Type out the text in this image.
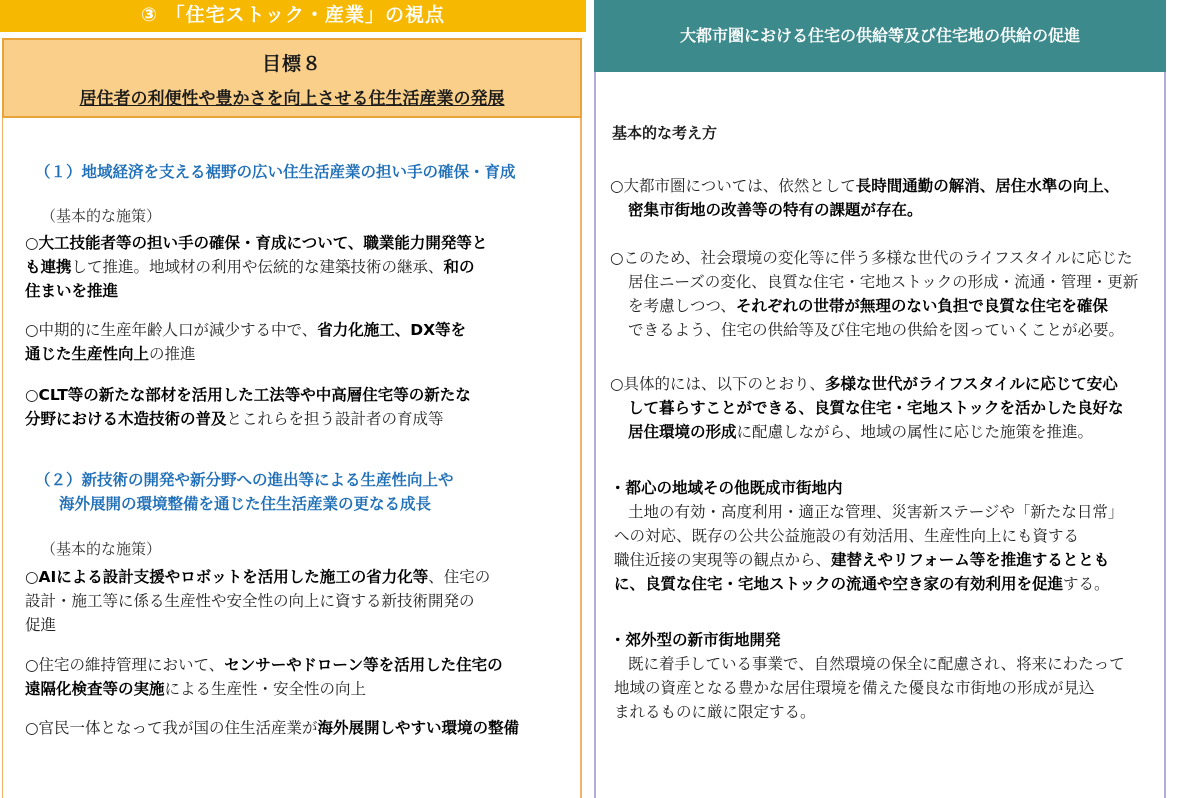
③ 「住宅ストック・産業」の視点
目標８
居住者の利便性や豊かさを向上させる住生活産業の発展
（１）地域経済を支える裾野の広い住生活産業の担い手の確保・育成
（基本的な施策）
○大工技能者等の担い手の確保・育成について、職業能力開発等と
も連携して推進。地域材の利用や伝統的な建築技術の継承、和の
住まいを推進
○中期的に生産年齢人口が減少する中で、省力化施工、DX等を
通じた生産性向上の推進
○CLT等の新たな部材を活用した工法等や中高層住宅等の新たな
分野における木造技術の普及とこれらを担う設計者の育成等
（２）新技術の開発や新分野への進出等による生産性向上や
海外展開の環境整備を通じた住生活産業の更なる成長
（基本的な施策）
○AIによる設計支援やロボットを活用した施工の省力化等、住宅の
設計・施工等に係る生産性や安全性の向上に資する新技術開発の
促進
○住宅の維持管理において、センサーやドローン等を活用した住宅の
遠隔化検査等の実施による生産性・安全性の向上
○官民一体となって我が国の住生活産業が海外展開しやすい環境の整備
大都市圏における住宅の供給等及び住宅地の供給の促進
基本的な考え方
○大都市圏については、依然として長時間通勤の解消、居住水準の向上、
密集市街地の改善等の特有の課題が存在。
○このため、社会環境の変化等に伴う多様な世代のライフスタイルに応じた
居住ニーズの変化、良質な住宅・宅地ストックの形成・流通・管理・更新
を考慮しつつ、それぞれの世帯が無理のない負担で良質な住宅を確保
できるよう、住宅の供給等及び住宅地の供給を図っていくことが必要。
○具体的には、以下のとおり、多様な世代がライフスタイルに応じて安心
して暮らすことができる、良質な住宅・宅地ストックを活かした良好な
居住環境の形成に配慮しながら、地域の属性に応じた施策を推進。
・都心の地域その他既成市街地内
土地の有効・高度利用・適正な管理、災害新ステージや「新たな日常」
への対応、既存の公共公益施設の有効活用、生産性向上にも資する
職住近接の実現等の観点から、建替えやリフォーム等を推進するととも
に、良質な住宅・宅地ストックの流通や空き家の有効利用を促進する。
・郊外型の新市街地開発
既に着手している事業で、自然環境の保全に配慮され、将来にわたって
地域の資産となる豊かな居住環境を備えた優良な市街地の形成が見込
まれるものに厳に限定する。
